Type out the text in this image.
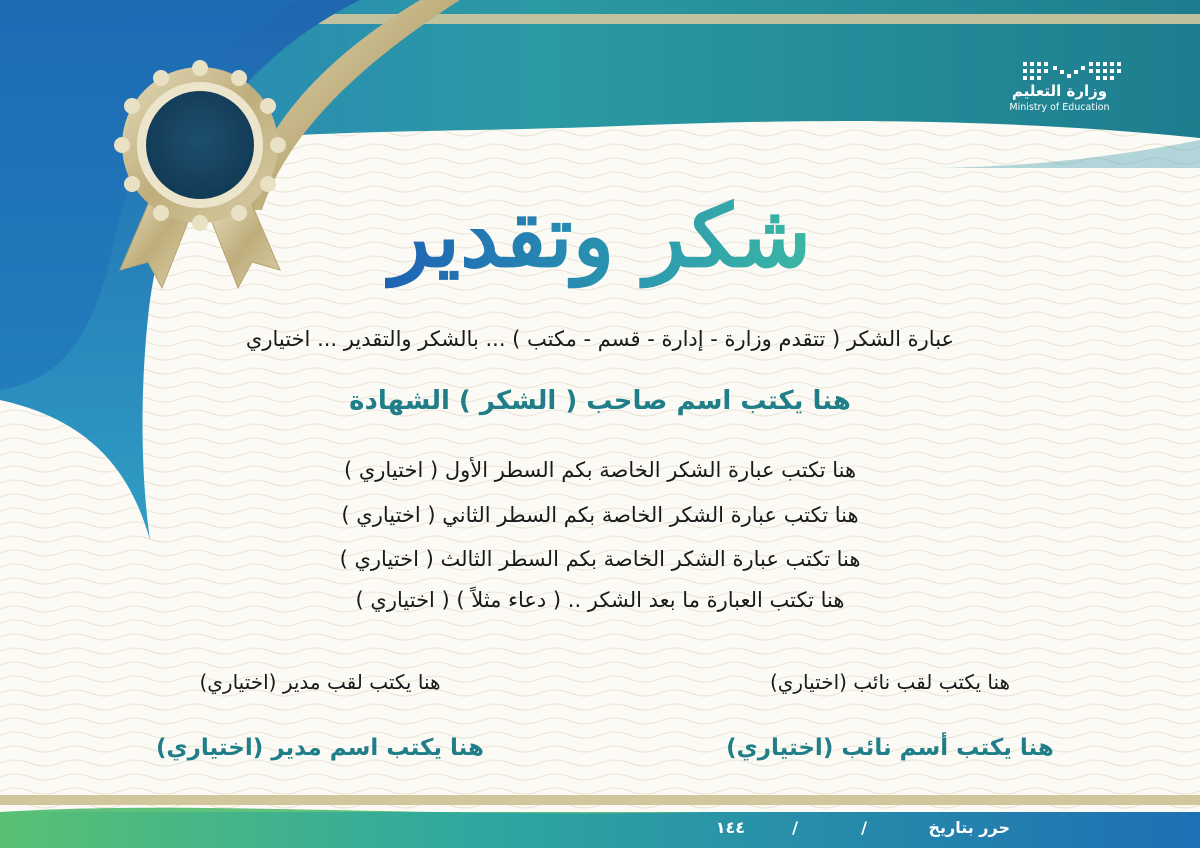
وزارة التعليم
Ministry of Education
شكر وتقدير
عبارة الشكر ( تتقدم وزارة - إدارة - قسم - مكتب ) ... بالشكر والتقدير ... اختياري
هنا يكتب اسم صاحب ( الشكر ) الشهادة
هنا تكتب عبارة الشكر الخاصة بكم السطر الأول ( اختياري )
هنا تكتب عبارة الشكر الخاصة بكم السطر الثاني ( اختياري )
هنا تكتب عبارة الشكر الخاصة بكم السطر الثالث ( اختياري )
هنا تكتب العبارة ما بعد الشكر .. ( دعاء مثلاً ) ( اختياري )
هنا يكتب لقب نائب (اختياري)
هنا يكتب أسم نائب (اختياري)
هنا يكتب لقب مدير (اختياري)
هنا يكتب اسم مدير (اختياري)
حرر بتاريخ
/
/
١٤٤
